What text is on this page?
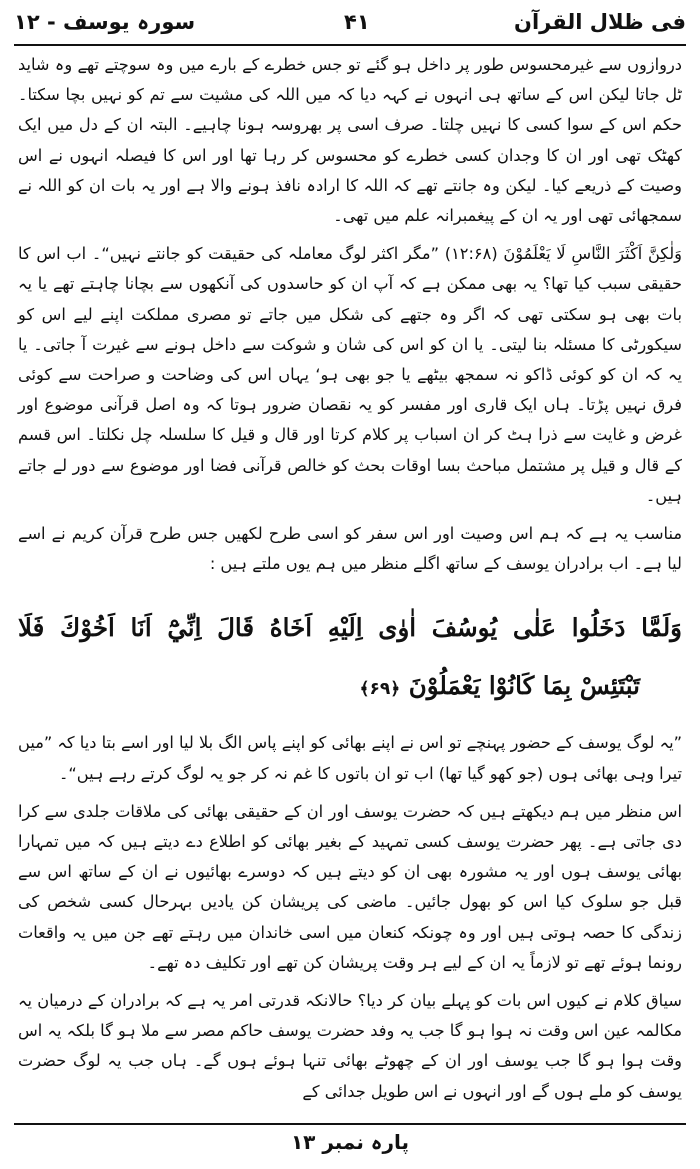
فی ظلال القرآن
۴۱
سورہ یوسف - ۱۲

دروازوں سے غیرمحسوس طور پر داخل ہو گئے تو جس خطرے کے بارے میں وہ سوچتے تھے وہ شاید ٹل جاتا لیکن اس کے ساتھ ہی انہوں نے کہہ دیا کہ میں اللہ کی مشیت سے تم کو نہیں بچا سکتا۔ حکم اس کے سوا کسی کا نہیں چلتا۔ صرف اسی پر بھروسہ ہونا چاہیے۔ البتہ ان کے دل میں ایک کھٹک تھی اور ان کا وجدان کسی خطرے کو محسوس کر رہا تھا اور اس کا فیصلہ انہوں نے اس وصیت کے ذریعے کیا۔ لیکن وہ جانتے تھے کہ اللہ کا ارادہ نافذ ہونے والا ہے اور یہ بات ان کو اللہ نے سمجھائی تھی اور یہ ان کے پیغمبرانہ علم میں تھی۔

وَلٰكِنَّ اَكْثَرَ النَّاسِ لَا يَعْلَمُوْنَ (۱۲:۶۸) ”مگر اکثر لوگ معاملہ کی حقیقت کو جانتے نہیں“۔ اب اس کا حقیقی سبب کیا تھا؟ یہ بھی ممکن ہے کہ آپ ان کو حاسدوں کی آنکھوں سے بچانا چاہتے تھے یا یہ بات بھی ہو سکتی تھی کہ اگر وہ جتھے کی شکل میں جاتے تو مصری مملکت اپنے لیے اس کو سیکورٹی کا مسئلہ بنا لیتی۔ یا ان کو اس کی شان و شوکت سے داخل ہونے سے غیرت آ جاتی۔ یا یہ کہ ان کو کوئی ڈاکو نہ سمجھ بیٹھے یا جو بھی ہو‘ یہاں اس کی وضاحت و صراحت سے کوئی فرق نہیں پڑتا۔ ہاں ایک قاری اور مفسر کو یہ نقصان ضرور ہوتا کہ وہ اصل قرآنی موضوع اور غرض و غایت سے ذرا ہٹ کر ان اسباب پر کلام کرتا اور قال و قیل کا سلسلہ چل نکلتا۔ اس قسم کے قال و قیل پر مشتمل مباحث بسا اوقات بحث کو خالص قرآنی فضا اور موضوع سے دور لے جاتے ہیں۔

مناسب یہ ہے کہ ہم اس وصیت اور اس سفر کو اسی طرح لکھیں جس طرح قرآن کریم نے اسے لیا ہے۔ اب برادران یوسف کے ساتھ اگلے منظر میں ہم یوں ملتے ہیں :

وَلَمَّا دَخَلُوا عَلٰى يُوسُفَ اٰوٰى اِلَيْهِ اَخَاهُ قَالَ اِنِّيْٓ اَنَا اَخُوْكَ فَلَا

تَبْتَئِسْ بِمَا كَانُوْا يَعْمَلُوْنَ ﴿۶۹﴾

”یہ لوگ یوسف کے حضور پہنچے تو اس نے اپنے بھائی کو اپنے پاس الگ بلا لیا اور اسے بتا دیا کہ ”میں تیرا وہی بھائی ہوں (جو کھو گیا تھا) اب تو ان باتوں کا غم نہ کر جو یہ لوگ کرتے رہے ہیں“۔

اس منظر میں ہم دیکھتے ہیں کہ حضرت یوسف اور ان کے حقیقی بھائی کی ملاقات جلدی سے کرا دی جاتی ہے۔ پھر حضرت یوسف کسی تمہید کے بغیر بھائی کو اطلاع دے دیتے ہیں کہ میں تمہارا بھائی یوسف ہوں اور یہ مشورہ بھی ان کو دیتے ہیں کہ دوسرے بھائیوں نے ان کے ساتھ اس سے قبل جو سلوک کیا اس کو بھول جائیں۔ ماضی کی پریشان کن یادیں بہرحال کسی شخص کی زندگی کا حصہ ہوتی ہیں اور وہ چونکہ کنعان میں اسی خاندان میں رہتے تھے جن میں یہ واقعات رونما ہوئے تھے تو لازماً یہ ان کے لیے ہر وقت پریشان کن تھے اور تکلیف دہ تھے۔

سیاق کلام نے کیوں اس بات کو پہلے بیان کر دیا؟ حالانکہ قدرتی امر یہ ہے کہ برادران کے درمیان یہ مکالمہ عین اس وقت نہ ہوا ہو گا جب یہ وفد حضرت یوسف حاکم مصر سے ملا ہو گا بلکہ یہ اس وقت ہوا ہو گا جب یوسف اور ان کے چھوٹے بھائی تنہا ہوئے ہوں گے۔ ہاں جب یہ لوگ حضرت یوسف کو ملے ہوں گے اور انہوں نے اس طویل جدائی کے

پارہ نمبر ۱۳
